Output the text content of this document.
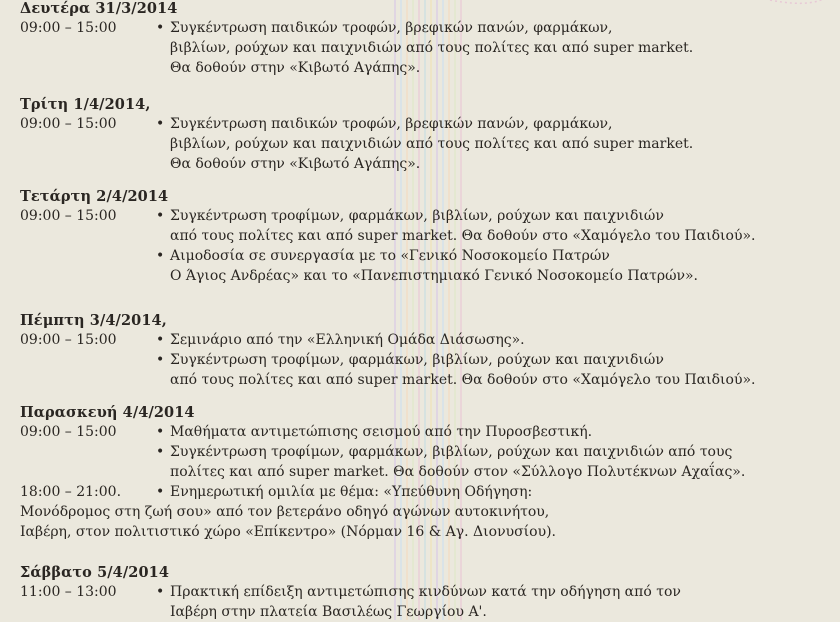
Δευτέρα 31/3/2014
09:00 – 15:00	• Συγκέντρωση παιδικών τροφών, βρεφικών πανών, φαρμάκων,
βιβλίων, ρούχων και παιχνιδιών από τους πολίτες και από super market.
Θα δοθούν στην «Κιβωτό Αγάπης».
Τρίτη 1/4/2014,
09:00 – 15:00	• Συγκέντρωση παιδικών τροφών, βρεφικών πανών, φαρμάκων,
βιβλίων, ρούχων και παιχνιδιών από τους πολίτες και από super market.
Θα δοθούν στην «Κιβωτό Αγάπης».
Τετάρτη 2/4/2014
09:00 – 15:00	• Συγκέντρωση τροφίμων, φαρμάκων, βιβλίων, ρούχων και παιχνιδιών
από τους πολίτες και από super market. Θα δοθούν στο «Χαμόγελο του Παιδιού».
• Αιμοδοσία σε συνεργασία με το «Γενικό Νοσοκομείο Πατρών
Ο Άγιος Ανδρέας» και το «Πανεπιστημιακό Γενικό Νοσοκομείο Πατρών».
Πέμπτη 3/4/2014,
09:00 – 15:00	• Σεμινάριο από την «Ελληνική Ομάδα Διάσωσης».
• Συγκέντρωση τροφίμων, φαρμάκων, βιβλίων, ρούχων και παιχνιδιών
από τους πολίτες και από super market. Θα δοθούν στο «Χαμόγελο του Παιδιού».
Παρασκευή 4/4/2014
09:00 – 15:00	• Μαθήματα αντιμετώπισης σεισμού από την Πυροσβεστική.
• Συγκέντρωση τροφίμων, φαρμάκων, βιβλίων, ρούχων και παιχνιδιών από τους
πολίτες και από super market. Θα δοθούν στον «Σύλλογο Πολυτέκνων Αχαΐας».
18:00 – 21:00.	• Ενημερωτική ομιλία με θέμα: «Υπεύθυνη Οδήγηση:
Μονόδρομος στη ζωή σου» από τον βετεράνο οδηγό αγώνων αυτοκινήτου,
Ιαβέρη, στον πολιτιστικό χώρο «Επίκεντρο» (Νόρμαν 16 & Αγ. Διονυσίου).
Σάββατο 5/4/2014
11:00 – 13:00	• Πρακτική επίδειξη αντιμετώπισης κινδύνων κατά την οδήγηση από τον
Ιαβέρη στην πλατεία Βασιλέως Γεωργίου Α'.
